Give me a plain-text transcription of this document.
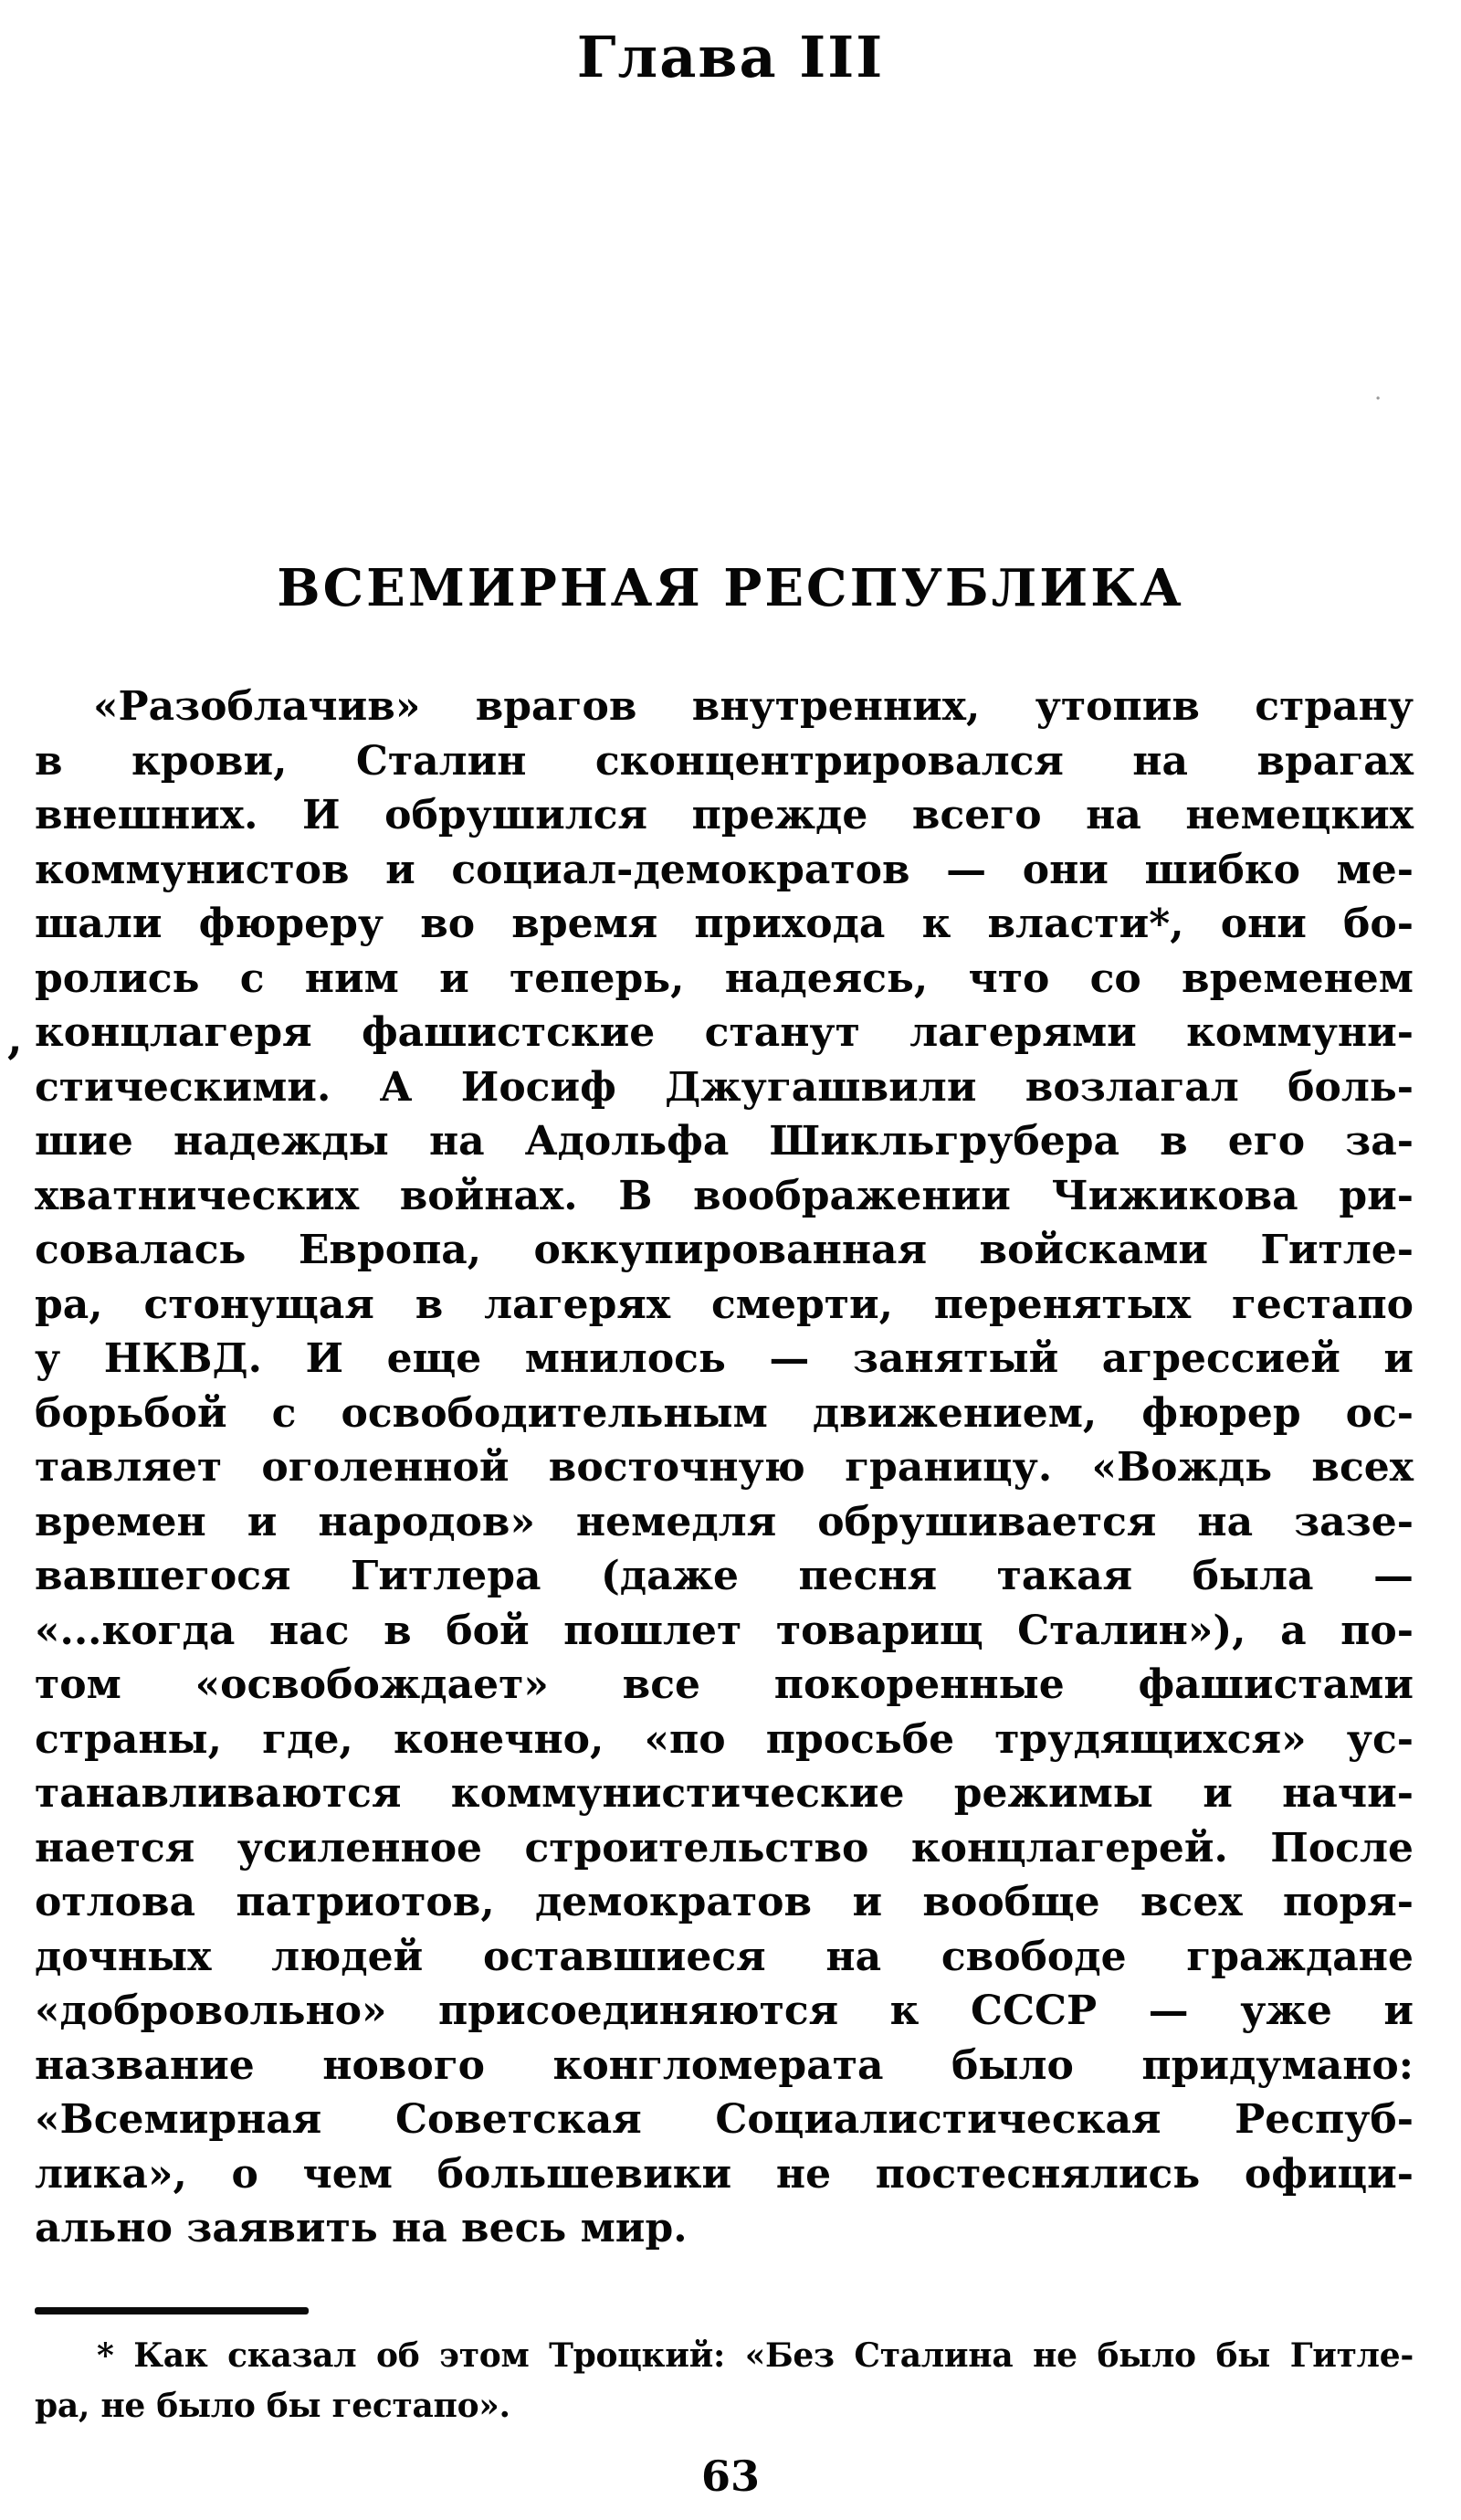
Глава III
ВСЕМИРНАЯ РЕСПУБЛИКА
«Разоблачив» врагов внутренних, утопив страну
в крови, Сталин сконцентрировался на врагах
внешних. И обрушился прежде всего на немецких
коммунистов и социал-демократов — они шибко ме-
шали фюреру во время прихода к власти*, они бо-
ролись с ним и теперь, надеясь, что со временем
концлагеря фашистские станут лагерями коммуни-
стическими. А Иосиф Джугашвили возлагал боль-
шие надежды на Адольфа Шикльгрубера в его за-
хватнических войнах. В воображении Чижикова ри-
совалась Европа, оккупированная войсками Гитле-
ра, стонущая в лагерях смерти, перенятых гестапо
у НКВД. И еще мнилось — занятый агрессией и
борьбой с освободительным движением, фюрер ос-
тавляет оголенной восточную границу. «Вождь всех
времен и народов» немедля обрушивается на зазе-
вавшегося Гитлера (даже песня такая была —
«...когда нас в бой пошлет товарищ Сталин»), а по-
том «освобождает» все покоренные фашистами
страны, где, конечно, «по просьбе трудящихся» ус-
танавливаются коммунистические режимы и начи-
нается усиленное строительство концлагерей. После
отлова патриотов, демократов и вообще всех поря-
дочных людей оставшиеся на свободе граждане
«добровольно» присоединяются к СССР — уже и
название нового конгломерата было придумано:
«Всемирная Советская Социалистическая Респуб-
лика», о чем большевики не постеснялись офици-
ально заявить на весь мир.
* Как сказал об этом Троцкий: «Без Сталина не было бы Гитле-
ра, не было бы гестапо».
63
,
·
